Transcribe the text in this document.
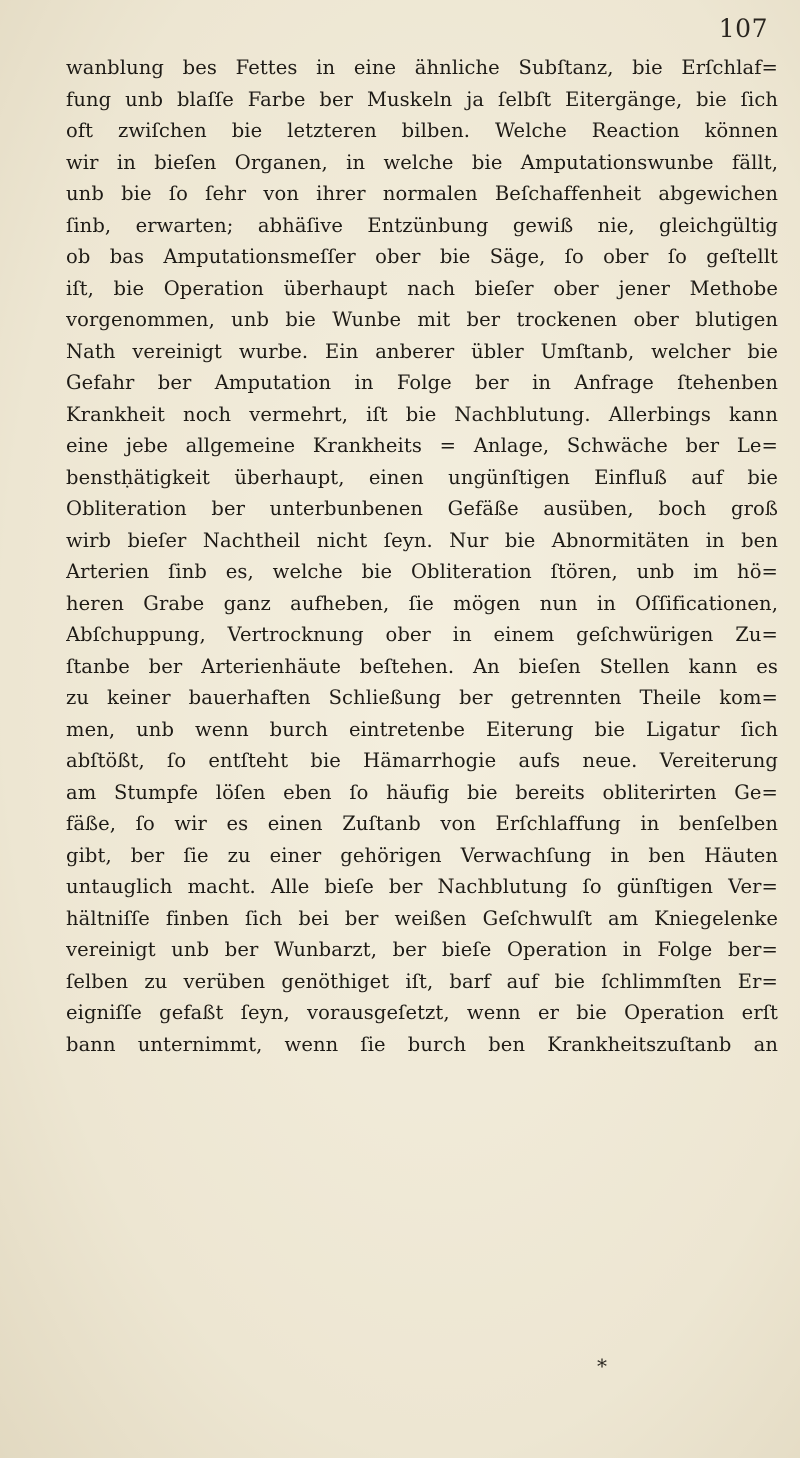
107
wanblung bes Fettes in eine ähnliche Subſtanz, bie Erſchlaf=
fung unb blaſſe Farbe ber Muskeln ja ſelbſt Eitergänge, bie ſich
oft zwiſchen bie letzteren bilben. Welche Reaction können
wir in bieſen Organen, in welche bie Amputationswunbe fällt,
unb bie ſo ſehr von ihrer normalen Beſchaffenheit abgewichen
ſinb, erwarten; abhäſive Entzünbung gewiß nie, gleichgültig
ob bas Amputationsmeſſer ober bie Säge, ſo ober ſo geſtellt
iſt, bie Operation überhaupt nach bieſer ober jener Methobe
vorgenommen, unb bie Wunbe mit ber trockenen ober blutigen
Nath vereinigt wurbe. Ein anberer übler Umſtanb, welcher bie
Gefahr ber Amputation in Folge ber in Anfrage ſtehenben
Krankheit noch vermehrt, iſt bie Nachblutung. Allerbings kann
eine jebe allgemeine Krankheits = Anlage, Schwäche ber Le=
benstḥätigkeit überhaupt, einen ungünſtigen Einfluß auf bie
Obliteration ber unterbunbenen Gefäße ausüben, boch groß
wirb bieſer Nachtheil nicht ſeyn. Nur bie Abnormitäten in ben
Arterien ſinb es, welche bie Obliteration ſtören, unb im hö=
heren Grabe ganz aufheben, ſie mögen nun in Oſſificationen,
Abſchuppung, Vertrocknung ober in einem geſchwürigen Zu=
ſtanbe ber Arterienhäute beſtehen. An bieſen Stellen kann es
zu keiner bauerhaften Schließung ber getrennten Theile kom=
men, unb wenn burch eintretenbe Eiterung bie Ligatur ſich
abſtößt, ſo entſteht bie Hämarrhogie aufs neue. Vereiterung
am Stumpfe löſen eben ſo häufig bie bereits obliterirten Ge=
fäße, ſo wir es einen Zuſtanb von Erſchlaffung in benſelben
gibt, ber ſie zu einer gehörigen Verwachſung in ben Häuten
untauglich macht. Alle bieſe ber Nachblutung ſo günſtigen Ver=
hältniſſe finben ſich bei ber weißen Geſchwulſt am Kniegelenke
vereinigt unb ber Wunbarzt, ber bieſe Operation in Folge ber=
ſelben zu verüben genöthiget iſt, barf auf bie ſchlimmſten Er=
eigniſſe gefaßt ſeyn, vorausgeſetzt, wenn er bie Operation erſt
bann unternimmt, wenn ſie burch ben Krankheitszuſtanb an
*
